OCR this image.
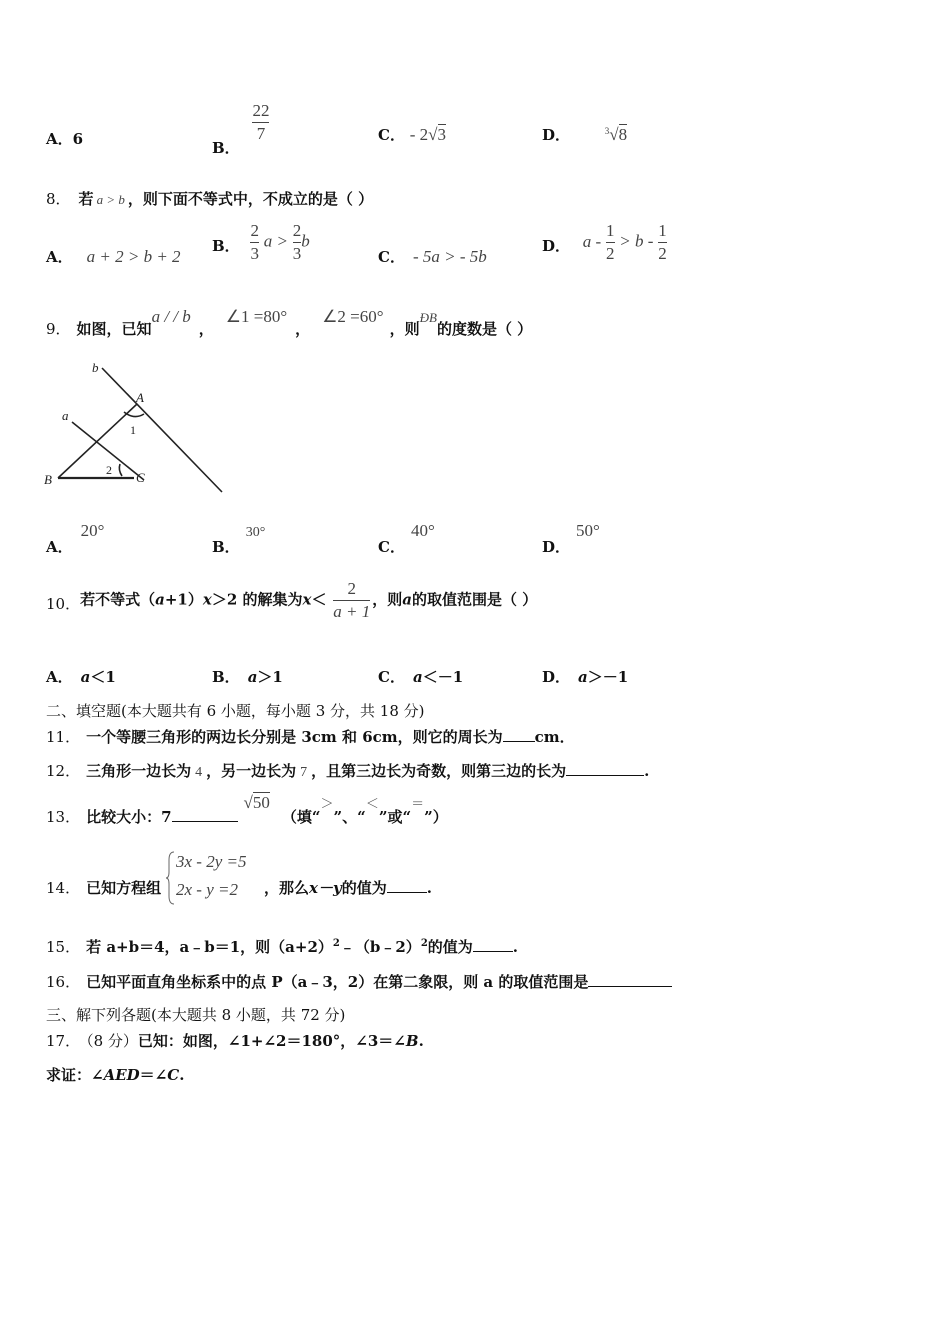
A．6	B．
$\frac{22}{7}$	C． - 2√3	D．	$^3$√8
8． 若 a > b ，则下面不等式中，不成立的是（ ）
A． a + 2 > b + 2
B． $\frac{2}{3}$ $a > \frac{2}{3}$ b
C． - 5a > - 5b
D． $a - \frac{1}{2} > b - \frac{1}{2}$
9． 如图，已知a / / b，∠1 =80°，∠2 =60°，则ÐB的度数是（ ）
b
a
A
B	C
1
2
A．20°
B．30°
C．40°
D．50°
10．若不等式（a+1）x＞2 的解集为$x< \frac{2}{a + 1}$ ，则a的取值范围是（ ）
A． a＜1	B． a＞1	C． a＜－1	D． a＞－1
二、填空题(本大题共有 6 小题，每小题 3 分，共 18 分)
11． 一个等腰三角形的两边长分别是 3cm 和 6cm，则它的周长为 cm．
12． 三角形一边长为 4 ，另一边长为 7 ，且第三边长为奇数，则第三边的长为	.
13． 比较大小：7√50（填“＞”、“＜”或“＝”）
14． 已知方程组
3x - 2y =5
2x - y =2	，那么x－y的值为	.
15． 若 a+b＝4，a﹣b＝1，则$(a+2)^2﹣(b﹣2)^2$的值为	.
16． 已知平面直角坐标系中的点 P（a﹣3，2）在第二象限，则 a 的取值范围是
三、解下列各题(本大题共 8 小题，共 72 分)
17． （8 分）已知：如图，∠1+∠2＝180°，∠3＝∠B.
求证：∠AED＝∠C.
